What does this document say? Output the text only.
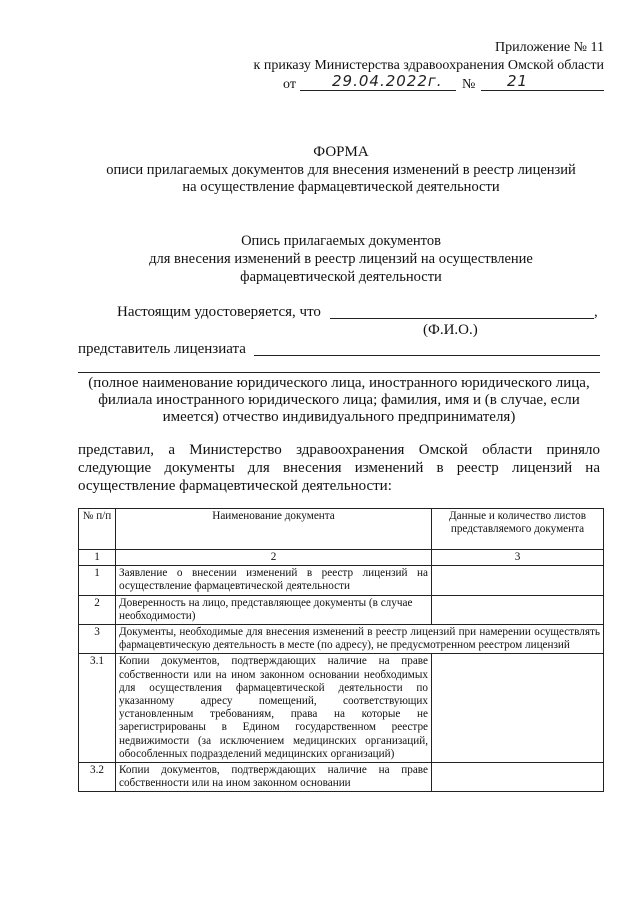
Приложение № 11
к приказу Министерства здравоохранения Омской области
от 29.04.2022г. № 21
ФОРМА
описи прилагаемых документов для внесения изменений в реестр лицензий
на осуществление фармацевтической деятельности
Опись прилагаемых документов
для внесения изменений в реестр лицензий на осуществление
фармацевтической деятельности
Настоящим удостоверяется, что	,
(Ф.И.О.)
представитель лицензиата
(полное наименование юридического лица, иностранного юридического лица,
филиала иностранного юридического лица; фамилия, имя и (в случае, если
имеется) отчество индивидуального предпринимателя)
представил, а Министерство здравоохранения Омской области приняло
следующие документы для внесения изменений в реестр лицензий на
осуществление фармацевтической деятельности:
№ п/п	Наименование документа	Данные и количество листов представляемого документа
1	2	3
1	Заявление о внесении изменений в реестр лицензий на осуществление фармацевтической деятельности	
2	Доверенность на лицо, представляющее документы (в случае необходимости)	
3	Документы, необходимые для внесения изменений в реестр лицензий при намерении осуществлять фармацевтическую деятельность в месте (по адресу), не предусмотренном реестром лицензий	
3.1	Копии документов, подтверждающих наличие на праве собственности или на ином законном основании необходимых для осуществления фармацевтической деятельности по указанному адресу помещений, соответствующих установленным требованиям, права на которые не зарегистрированы в Едином государственном реестре недвижимости (за исключением медицинских организаций, обособленных подразделений медицинских организаций)	
3.2	Копии документов, подтверждающих наличие на праве собственности или на ином законном основании	
